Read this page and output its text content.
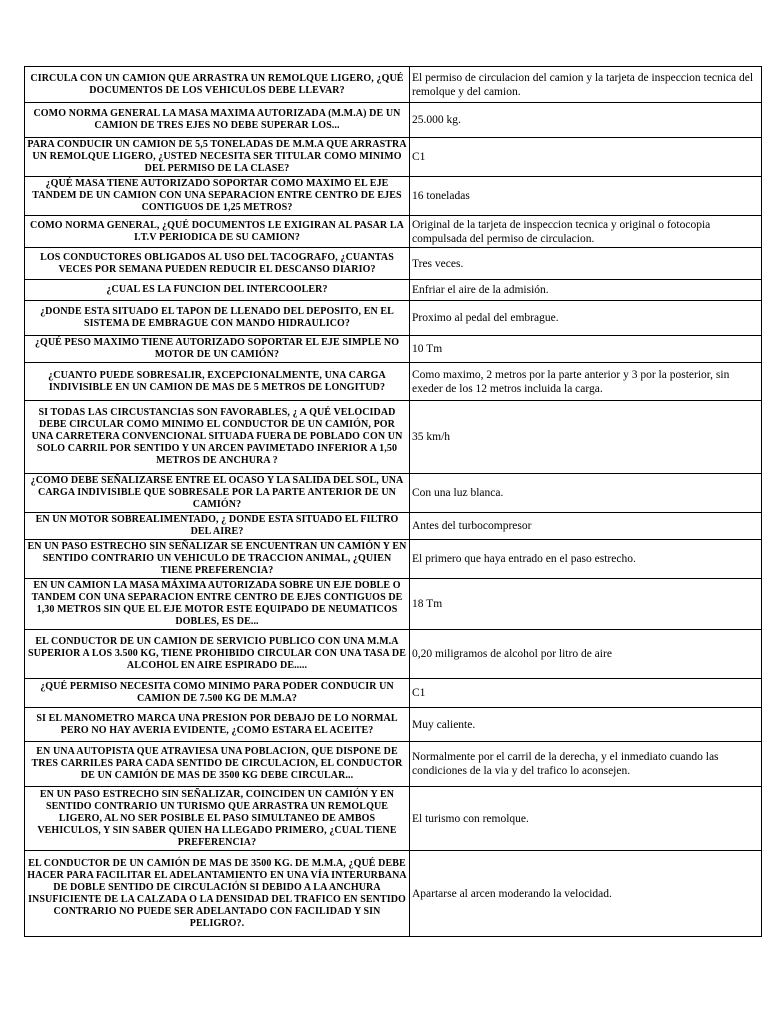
CIRCULA CON UN CAMION QUE ARRASTRA UN REMOLQUE LIGERO, ¿QUÉ DOCUMENTOS DE LOS VEHICULOS DEBE LLEVAR?	El permiso de circulacion del camion y la tarjeta de inspeccion tecnica del remolque y del camion.
COMO NORMA GENERAL LA MASA MAXIMA AUTORIZADA (M.M.A) DE UN CAMION DE TRES EJES NO DEBE SUPERAR LOS...	25.000 kg.
PARA CONDUCIR UN CAMION DE 5,5 TONELADAS DE M.M.A QUE ARRASTRA UN REMOLQUE LIGERO, ¿USTED NECESITA SER TITULAR COMO MINIMO DEL PERMISO DE LA CLASE?	C1
¿QUÉ MASA TIENE AUTORIZADO SOPORTAR COMO MAXIMO EL EJE TANDEM DE UN CAMION CON UNA SEPARACION ENTRE CENTRO DE EJES CONTIGUOS DE 1,25 METROS?	16 toneladas
COMO NORMA GENERAL, ¿QUÉ DOCUMENTOS LE EXIGIRAN AL PASAR LA I.T.V PERIODICA DE SU CAMION?	Original de la tarjeta de inspeccion tecnica y original o fotocopia compulsada del permiso de circulacion.
LOS CONDUCTORES OBLIGADOS AL USO DEL TACOGRAFO, ¿CUANTAS VECES POR SEMANA PUEDEN REDUCIR EL DESCANSO DIARIO?	Tres veces.
¿CUAL ES LA FUNCION DEL INTERCOOLER?	Enfriar el aire de la admisión.
¿DONDE ESTA SITUADO EL TAPON DE LLENADO DEL DEPOSITO, EN EL SISTEMA DE EMBRAGUE CON MANDO HIDRAULICO?	Proximo al pedal del embrague.
¿QUÉ PESO MAXIMO TIENE AUTORIZADO SOPORTAR EL EJE SIMPLE NO MOTOR DE UN CAMIÓN?	10 Tm
¿CUANTO PUEDE SOBRESALIR, EXCEPCIONALMENTE, UNA CARGA INDIVISIBLE EN UN CAMION DE MAS DE 5 METROS DE LONGITUD?	Como maximo, 2 metros por la parte anterior y 3 por la posterior, sin exeder de los 12 metros incluida la carga.
SI TODAS LAS CIRCUSTANCIAS SON FAVORABLES, ¿ A QUÉ VELOCIDAD DEBE CIRCULAR COMO MINIMO EL CONDUCTOR DE UN CAMIÓN, POR UNA CARRETERA CONVENCIONAL SITUADA FUERA DE POBLADO CON UN SOLO CARRIL POR SENTIDO Y UN ARCEN PAVIMETADO INFERIOR A 1,50 METROS DE ANCHURA ?	35 km/h
¿COMO DEBE SEÑALIZARSE ENTRE EL OCASO Y LA SALIDA DEL SOL, UNA CARGA INDIVISIBLE QUE SOBRESALE POR LA PARTE ANTERIOR DE UN CAMIÓN?	Con una luz blanca.
EN UN MOTOR SOBREALIMENTADO, ¿ DONDE ESTA SITUADO EL FILTRO DEL AIRE?	Antes del turbocompresor
EN UN PASO ESTRECHO SIN SEÑALIZAR SE ENCUENTRAN UN CAMIÓN Y EN SENTIDO CONTRARIO UN VEHICULO DE TRACCION ANIMAL, ¿QUIEN TIENE PREFERENCIA?	El primero que haya entrado en el paso estrecho.
EN UN CAMION LA MASA MÁXIMA AUTORIZADA SOBRE UN EJE DOBLE O TANDEM CON UNA SEPARACION ENTRE CENTRO DE EJES CONTIGUOS DE 1,30 METROS SIN QUE EL EJE MOTOR ESTE EQUIPADO DE NEUMATICOS DOBLES, ES DE...	18 Tm
EL CONDUCTOR DE UN CAMION DE SERVICIO PUBLICO CON UNA M.M.A SUPERIOR A LOS 3.500 KG, TIENE PROHIBIDO CIRCULAR CON UNA TASA DE ALCOHOL EN AIRE ESPIRADO DE.....	0,20 miligramos de alcohol por litro de aire
¿QUÉ PERMISO NECESITA COMO MINIMO PARA PODER CONDUCIR UN CAMION DE 7.500 KG DE M.M.A?	C1
SI EL MANOMETRO MARCA UNA PRESION POR DEBAJO DE LO NORMAL PERO NO HAY AVERIA EVIDENTE, ¿COMO ESTARA EL ACEITE?	Muy caliente.
EN UNA AUTOPISTA QUE ATRAVIESA UNA POBLACION, QUE DISPONE DE TRES CARRILES PARA CADA SENTIDO DE CIRCULACION, EL CONDUCTOR DE UN CAMIÓN DE MAS DE 3500 KG DEBE CIRCULAR...	Normalmente por el carril de la derecha, y el inmediato cuando las condiciones de la via y del trafico lo aconsejen.
EN UN PASO ESTRECHO SIN SEÑALIZAR, COINCIDEN UN CAMIÓN Y EN SENTIDO CONTRARIO UN TURISMO QUE ARRASTRA UN REMOLQUE LIGERO, AL NO SER POSIBLE EL PASO SIMULTANEO DE AMBOS VEHICULOS, Y SIN SABER QUIEN HA LLEGADO PRIMERO, ¿CUAL TIENE PREFERENCIA?	El turismo con remolque.
EL CONDUCTOR DE UN CAMIÓN DE MAS DE 3500 KG. DE M.M.A, ¿QUÉ DEBE HACER PARA FACILITAR EL ADELANTAMIENTO EN UNA VÍA INTERURBANA DE DOBLE SENTIDO DE CIRCULACIÓN SI DEBIDO A LA ANCHURA INSUFICIENTE DE LA CALZADA O LA DENSIDAD DEL TRAFICO EN SENTIDO CONTRARIO NO PUEDE SER ADELANTADO CON FACILIDAD Y SIN PELIGRO?.	Apartarse al arcen moderando la velocidad.
